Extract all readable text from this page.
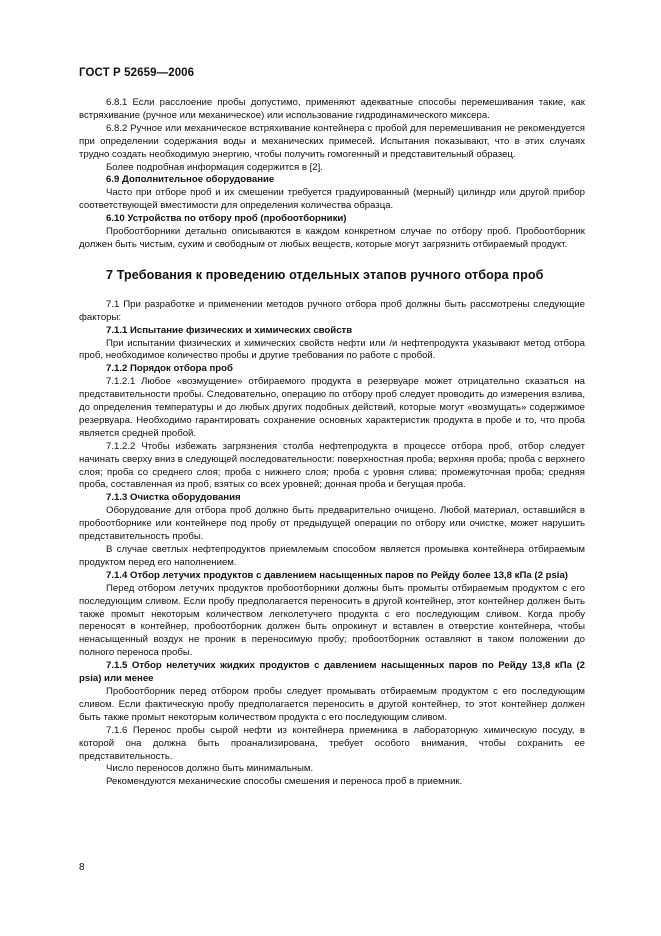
ГОСТ Р 52659—2006

6.8.1 Если расслоение пробы допустимо, применяют адекватные способы перемешивания такие, как встряхивание (ручное или механическое) или использование гидродинамического миксера.

6.8.2 Ручное или механическое встряхивание контейнера с пробой для перемешивания не рекомендуется при определении содержания воды и механических примесей. Испытания показывают, что в этих случаях трудно создать необходимую энергию, чтобы получить гомогенный и представительный образец.

Более подробная информация содержится в [2].

6.9 Дополнительное оборудование

Часто при отборе проб и их смешении требуется градуированный (мерный) цилиндр или другой прибор соответствующей вместимости для определения количества образца.

6.10 Устройства по отбору проб (пробоотборники)

Пробоотборники детально описываются в каждом конкретном случае по отбору проб. Пробоотборник должен быть чистым, сухим и свободным от любых веществ, которые могут загрязнить отбираемый продукт.

7 Требования к проведению отдельных этапов ручного отбора проб

7.1 При разработке и применении методов ручного отбора проб должны быть рассмотрены следующие факторы:

7.1.1 Испытание физических и химических свойств

При испытании физических и химических свойств нефти или /и нефтепродукта указывают метод отбора проб, необходимое количество пробы и другие требования по работе с пробой.

7.1.2 Порядок отбора проб

7.1.2.1 Любое «возмущение» отбираемого продукта в резервуаре может отрицательно сказаться на представительности пробы. Следовательно, операцию по отбору проб следует проводить до измерения взлива, до определения температуры и до любых других подобных действий, которые могут «возмущать» содержимое резервуара. Необходимо гарантировать сохранение основных характеристик продукта в пробе и то, что проба является средней пробой.

7.1.2.2 Чтобы избежать загрязнения столба нефтепродукта в процессе отбора проб, отбор следует начинать сверху вниз в следующей последовательности: поверхностная проба; верхняя проба; проба с верхнего слоя; проба со среднего слоя; проба с нижнего слоя; проба с уровня слива; промежуточная проба; средняя проба, составленная из проб, взятых со всех уровней; донная проба и бегущая проба.

7.1.3 Очистка оборудования

Оборудование для отбора проб должно быть предварительно очищено. Любой материал, оставшийся в пробоотборнике или контейнере под пробу от предыдущей операции по отбору или очистке, может нарушить представительность пробы.

В случае светлых нефтепродуктов приемлемым способом является промывка контейнера отбираемым продуктом перед его наполнением.

7.1.4 Отбор летучих продуктов с давлением насыщенных паров по Рейду более 13,8 кПа (2 psia)

Перед отбором летучих продуктов пробоотборники должны быть промыты отбираемым продуктом с его последующим сливом. Если пробу предполагается переносить в другой контейнер, этот контейнер должен быть также промыт некоторым количеством легколетучего продукта с его последующим сливом. Когда пробу переносят в контейнер, пробоотборник должен быть опрокинут и вставлен в отверстие контейнера, чтобы ненасыщенный воздух не проник в переносимую пробу; пробоотборник оставляют в таком положении до полного переноса пробы.

7.1.5 Отбор нелетучих жидких продуктов с давлением насыщенных паров по Рейду 13,8 кПа (2 psia) или менее

Пробоотборник перед отбором пробы следует промывать отбираемым продуктом с его последующим сливом. Если фактическую пробу предполагается переносить в другой контейнер, то этот контейнер должен быть также промыт некоторым количеством продукта с его последующим сливом.

7.1.6 Перенос пробы сырой нефти из контейнера приемника в лабораторную химическую посуду, в которой она должна быть проанализирована, требует особого внимания, чтобы сохранить ее представительность.

Число переносов должно быть минимальным.

Рекомендуются механические способы смешения и переноса проб в приемник.

8
